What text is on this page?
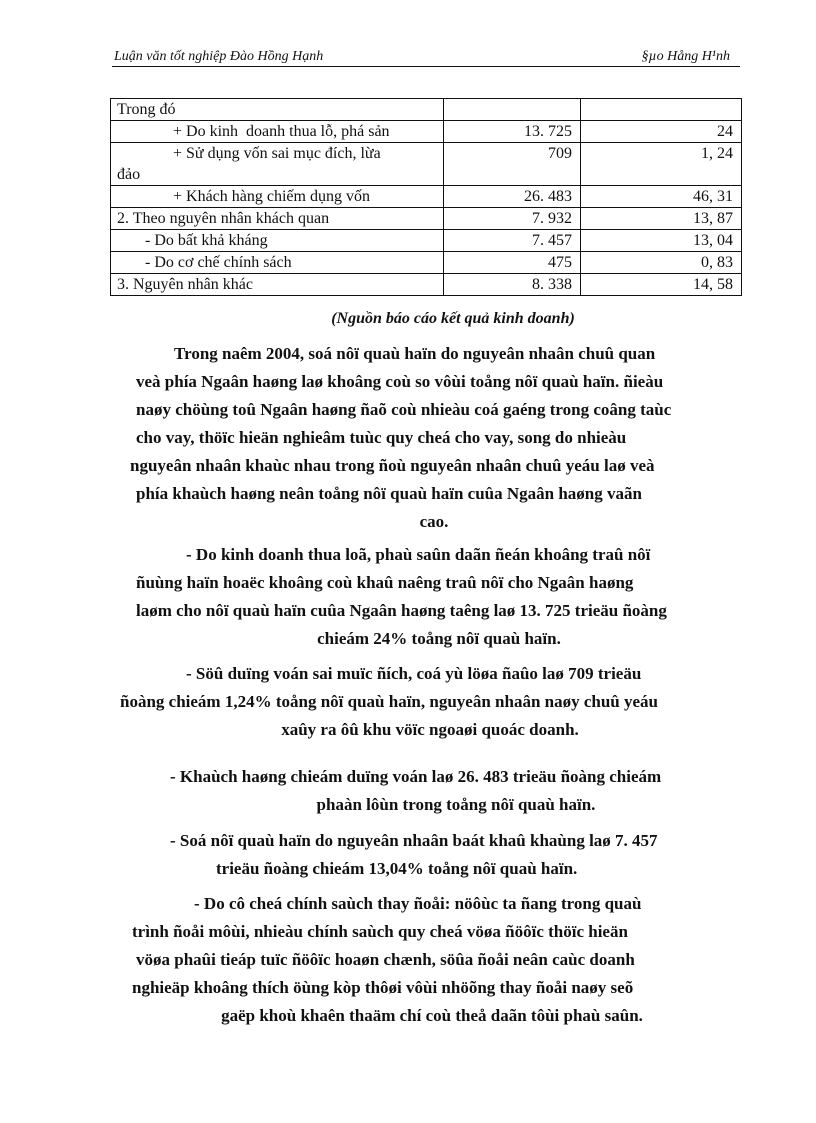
Luận văn tốt nghiệp Đào Hồng Hạnh	§µo Hång H¹nh
Trong đó		
+ Do kinh  doanh thua lỗ, phá sản	13. 725	24

+ Sử dụng vốn sai mục đích, lừa
đảo	709	1, 24
+ Khách hàng chiếm dụng vốn	26. 483	46, 31
2. Theo nguyên nhân khách quan	7. 932	13, 87
- Do bất khả kháng	7. 457	13, 04
- Do cơ chế chính sách	475	0, 83
3. Nguyên nhân khác	8. 338	14, 58
(Nguồn báo cáo kết quả kinh doanh)
Trong naêm 2004, soá nôï quaù haïn do nguyeân nhaân chuû quan
veà phía Ngaân haøng laø khoâng coù so vôùi toång nôï quaù haïn. ñieàu
naøy chöùng toû Ngaân haøng ñaõ coù nhieàu coá gaéng trong coâng taùc
cho vay, thöïc hieän nghieâm tuùc quy cheá cho vay, song do nhieàu
nguyeân nhaân khaùc nhau trong ñoù nguyeân nhaân chuû yeáu laø veà
phía khaùch haøng neân toång nôï quaù haïn cuûa Ngaân haøng vaãn
cao.
- Do kinh doanh thua loã, phaù saûn daãn ñeán khoâng traû nôï
ñuùng haïn hoaëc khoâng coù khaû naêng traû nôï cho Ngaân haøng
laøm cho nôï quaù haïn cuûa Ngaân haøng taêng laø 13. 725 trieäu ñoàng
chieám 24% toång nôï quaù haïn.
- Söû duïng voán sai muïc ñích, coá yù löøa ñaûo laø 709 trieäu
ñoàng chieám 1,24% toång nôï quaù haïn, nguyeân nhaân naøy chuû yeáu
xaûy ra ôû khu vöïc ngoaøi quoác doanh.
- Khaùch haøng chieám duïng voán laø 26. 483 trieäu ñoàng chieám
phaàn lôùn trong toång nôï quaù haïn.
- Soá nôï quaù haïn do nguyeân nhaân baát khaû khaùng laø 7. 457
trieäu ñoàng chieám 13,04% toång nôï quaù haïn.
- Do cô cheá chính saùch thay ñoåi: nöôùc ta ñang trong quaù
trình ñoåi môùi, nhieàu chính saùch quy cheá vöøa ñöôïc thöïc hieän
vöøa phaûi tieáp tuïc ñöôïc hoaøn chænh, söûa ñoåi neân caùc doanh
nghieäp khoâng thích öùng kòp thôøi vôùi nhöõng thay ñoåi naøy seõ
gaëp khoù khaên thaäm chí coù theå daãn tôùi phaù saûn.
